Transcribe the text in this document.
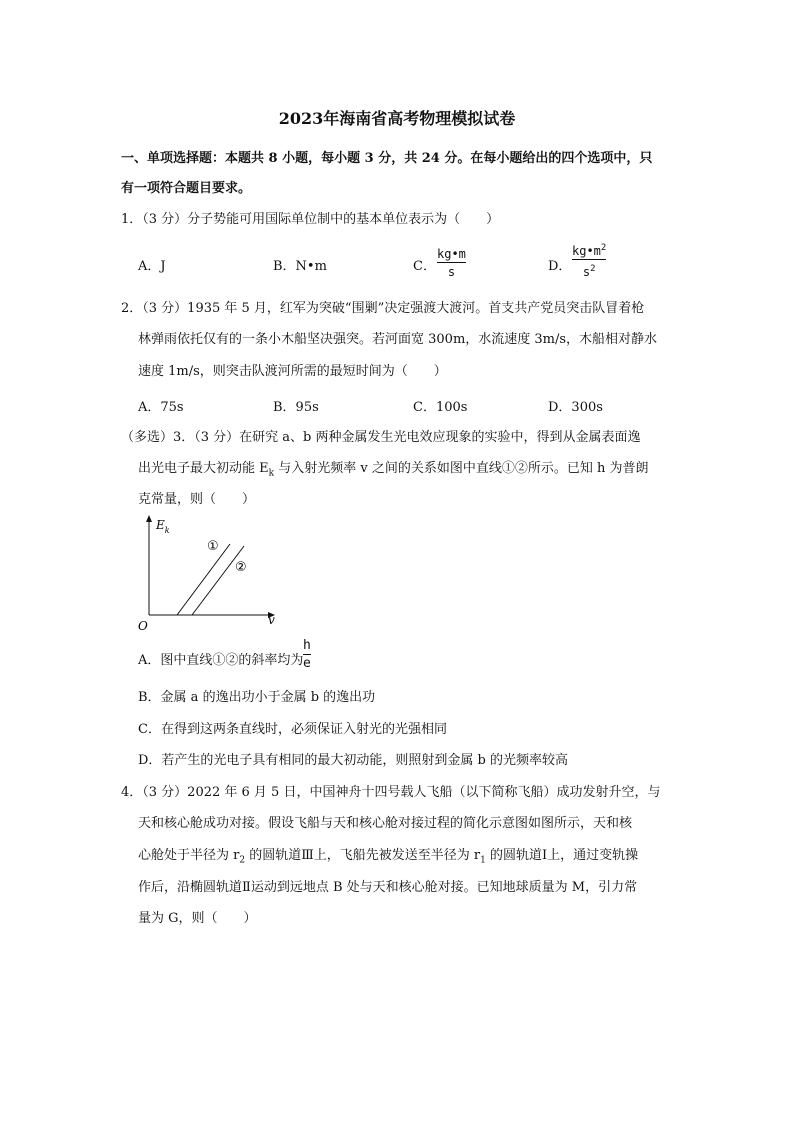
2023年海南省高考物理模拟试卷
一、单项选择题：本题共 8 小题，每小题 3 分，共 24 分。在每小题给出的四个选项中，只
有一项符合题目要求。
1．（3 分）分子势能可用国际单位制中的基本单位表示为（　　）
A．J	B．N•m	C．
kg•m
s	D．
$kg•m^2$
$s^2$
2．（3 分）1935 年 5 月，红军为突破“围剿”决定强渡大渡河。首支共产党员突击队冒着枪
林弹雨依托仅有的一条小木船坚决强突。若河面宽 300m，水流速度 3m/s，木船相对静水
速度 1m/s，则突击队渡河所需的最短时间为（　　）
A．75s	B．95s	C．100s	D．300s
（多选）3．（3 分）在研究 a、b 两种金属发生光电效应现象的实验中，得到从金属表面逸
出光电子最大初动能 $E_k$ 与入射光频率 v 之间的关系如图中直线①②所示。已知 h 为普朗
克常量，则（　　）
$E_k$
①
②
v
O
A．图中直线①②的斜率均为
h
e
B．金属 a 的逸出功小于金属 b 的逸出功
C．在得到这两条直线时，必须保证入射光的光强相同
D．若产生的光电子具有相同的最大初动能，则照射到金属 b 的光频率较高
4．（3 分）2022 年 6 月 5 日，中国神舟十四号载人飞船（以下简称飞船）成功发射升空，与
天和核心舱成功对接。假设飞船与天和核心舱对接过程的简化示意图如图所示，天和核
心舱处于半径为 $r_2$ 的圆轨道Ⅲ上，飞船先被发送至半径为 $r_1$ 的圆轨道Ⅰ上，通过变轨操
作后，沿椭圆轨道Ⅱ运动到远地点 B 处与天和核心舱对接。已知地球质量为 M，引力常
量为 G，则（　　）
